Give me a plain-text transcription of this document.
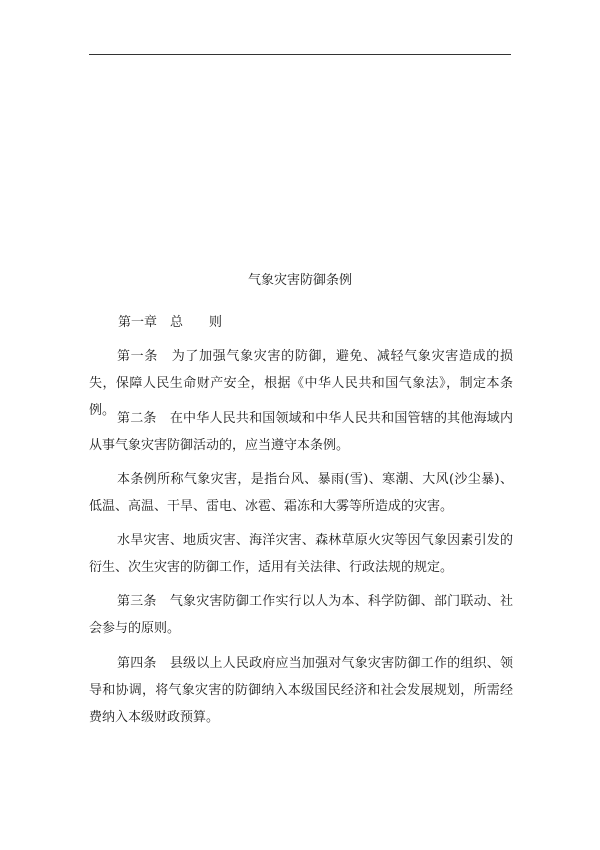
气象灾害防御条例
第一章　总　　则

第一条　为了加强气象灾害的防御，避免、减轻气象灾害造成的损失，保障人民生命财产安全，根据《中华人民共和国气象法》，制定本条例。

第二条　在中华人民共和国领域和中华人民共和国管辖的其他海域内从事气象灾害防御活动的，应当遵守本条例。

本条例所称气象灾害，是指台风、暴雨(雪)、寒潮、大风(沙尘暴)、低温、高温、干旱、雷电、冰雹、霜冻和大雾等所造成的灾害。

水旱灾害、地质灾害、海洋灾害、森林草原火灾等因气象因素引发的衍生、次生灾害的防御工作，适用有关法律、行政法规的规定。

第三条　气象灾害防御工作实行以人为本、科学防御、部门联动、社会参与的原则。

第四条　县级以上人民政府应当加强对气象灾害防御工作的组织、领导和协调，将气象灾害的防御纳入本级国民经济和社会发展规划，所需经费纳入本级财政预算。
